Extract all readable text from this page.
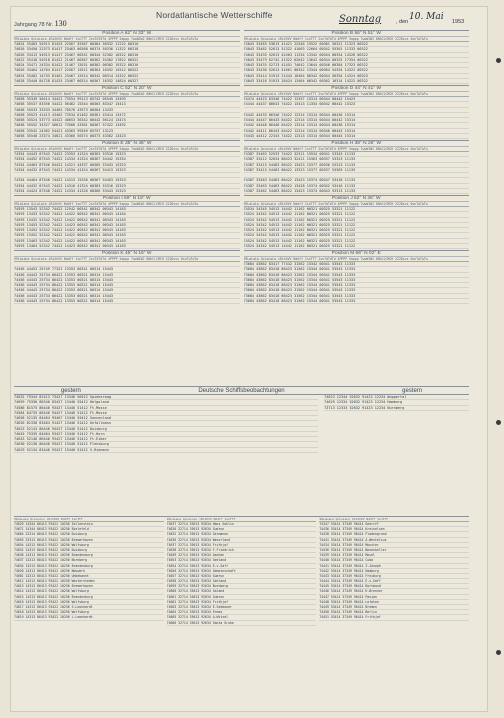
Jahrgang 78 Nr. 130
Nordatlantische Wetterschiffe	Sonntag	, den 10. Mai 1953
Position A 62° N 33° W
99LaLaLa QcLoLoLo iRiXhVV Nddff 1snTTT 2snTdTdTd 4PPPP 5appp 7wwW1W2 8NhCLCMCH 222Dsvs 0snTwTwTw
74024 33483 54913 01425 22567 55367 00364 56332 11222 00316
74026 33450 22373 81417 23463 00368 00374 50336 11322 00318
74026 33413 54913 81417 23467 00341 00344 52302 16522 00316
74022 33418 54918 81422 21467 00367 00362 54302 17822 00322
74024 33471 24334 81422 21467 15531 00362 00302 19322 00316
74026 33464 14764 81417 22567 15511 00364 16352 14512 00322
74024 33402 14733 81461 23467 15314 00342 00314 14322 00322
74028 33440 84728 81425 23467 00314 00367 16352 14824 00327
Position B 56° N 51° W
99LaLaLa QcLoLoLo iRiXhVV Nddff 1snTTT 2snTdTdTd 4PPPP 5appp 7wwW1W2 8NhCLCMCH 222Dsvs 0snTwTwTw
74043 33463 53613 41421 22546 15522 00361 56321 11323 00322
74043 33462 52613 51322 41663 12664 00342 55361 11333 00322
74043 33435 52613 42463 11334 13342 00344 00354 14326 00322
74043 33479 62742 41322 62642 13642 00344 00325 17354 00322
74043 33433 52713 41451 74642 13644 00346 00384 17323 00322
74043 33436 52613 41661 00342 13344 00364 54354 14322 00322
74043 33414 51913 21444 10464 00342 00344 56354 14324 00323
74043 33416 51913 26424 13464 00342 00362 16314 14322 00322
Position C 52° N 20° W
99LaLaLa QcLoLoLo iRiXhVV Nddff 1snTTT 2snTdTdTd 4PPPP 5appp 7wwW1W2 8NhCLCMCH 222Dsvs 0snTwTwTw
74058 35349 50414 34422 73554 99113 85742 05545 13493
74058 35537 83356 34422 56462 15344 00363 83347 15413
74058 35533 33333 34462 70576 43573 00364 13433
74058 35523 41413 43462 73534 61462 00361 43414 13472
74058 35524 53773 44422 40653 36342 00442 56124 13474
74058 35552 34327 56612 73566 43361 00367 57422 13492
74058 33542 24362 54421 43363 99349 05757 13123
74058 35548 23374 34621 43366 56374 00373 43362 13423
Position D 44° N 41° W
99LaLaLa QcLoLoLo iRiXhVV Nddff 1snTTT 2snTdTdTd 4PPPP 5appp 7wwW1W2 8NhCLCMCH 222Dsvs 0snTwTwTw
74474 44423 83346 74422 12357 15314 00344 00442 15423
74444 44437 86643 74422 13413 11354 00342 00442 15323
74442 44433 86346 74422 12314 15314 00344 00436 15314
74444 44447 86443 64422 12314 15314 00344 00442 15314
74442 44446 86446 64422 13314 15314 00344 00438 15314
74442 44411 86443 64422 12314 15314 00346 00443 15314
74443 44412 22343 74422 12313 15314 00344 00444 15314
Position E 35° N 48° W
99LaLaLa QcLoLoLo iRiXhVV Nddff 1snTTT 2snTdTdTd 4PPPP 5appp 7wwW1W2 8NhCLCMCH 222Dsvs 0snTwTwTw
74354 44443 87543 74422 23353 41324 00363 53316 15323
74354 44452 87543 74422 14334 41324 00367 54442 15354
74354 44463 87546 84422 14321 44337 00365 53443 15323
74354 44432 87543 74422 14334 41324 00367 54413 15323
74354 44464 87546 74422 14313 15336 00367 54453 15323
74354 44432 87543 74422 14316 41324 00363 53316 15323
74354 44424 87546 74422 14334 41326 00366 53443 15323
Position H 38° N 26° W
99LaLaLa QcLoLoLo iRiXhVV Nddff 1snTTT 2snTdTdTd 4PPPP 5appp 7wwW1W2 8NhCLCMCH 222Dsvs 0snTwTwTw
74387 33463 52533 74422 32311 15534 00341 53343 11133
74387 33412 52634 86423 32411 15363 00337 53323 11133
74387 33413 54463 86422 13423 15377 00336 53313 11133
74387 33413 54463 86422 13323 15377 00337 53363 11133
74387 33463 54463 86422 13423 15374 00347 53418 11133
74387 33463 54463 86422 13428 15374 00342 53416 11133
74387 33462 54463 86422 13423 15374 00343 53313 11133
Position I 59° N 19° W
99LaLaLa QcLoLoLo iRiXhVV Nddff 1snTTT 2snTdTdTd 4PPPP 5appp 7wwW1W2 8NhCLCMCH 222Dsvs 0snTwTwTw
74593 13543 52342 74422 12542 00341 00342 00343 14163
74593 13433 52342 74422 14422 00342 00341 00343 14164
74593 13432 52342 74422 14422 00342 00341 00343 14163
74593 13453 52342 74422 14423 00342 00341 00343 14163
74593 13452 52342 74422 14422 00342 00341 00343 14163
74593 13452 52342 74422 14422 00342 00341 00343 14163
74593 13463 52342 74422 14422 00342 00341 00343 14163
74593 13464 52342 74422 14423 00342 00341 00343 14163
Position J 52° N 36° W
99LaLaLa QcLoLoLo iRiXhVV Nddff 1snTTT 2snTdTdTd 4PPPP 5appp 7wwW1W2 8NhCLCMCH 222Dsvs 0snTwTwTw
74534 34345 54513 14442 11162 00321 00325 53321 11122
74524 34342 54513 14442 11162 00321 00325 53321 11122
74524 34342 54513 14442 11162 00321 00325 53321 11122
74524 34342 54513 14442 11162 00321 00325 53321 11122
74524 34342 54513 14442 11162 00321 00325 53321 11122
74524 34342 54513 14442 11162 00321 00325 53321 11122
74524 34342 54513 14442 11162 00321 00325 53321 11122
74524 34342 54513 14442 11162 00321 00325 53321 11122
Position K 45° N 16° W
99LaLaLa QcLoLoLo iRiXhVV Nddff 1snTTT 2snTdTdTd 4PPPP 5appp 7wwW1W2 8NhCLCMCH 222Dsvs 0snTwTwTw
74456 44453 25749 77322 13353 00341 00314 15443
74456 44443 25734 86422 13353 00321 00314 15443
74456 44443 25734 86422 13353 00321 00314 15443
74456 44443 25734 86422 13353 00321 00314 15443
74456 44443 25734 86422 13353 00321 00314 15443
74456 44443 25734 86422 13353 00321 00314 15443
74456 44443 25734 86422 13353 00321 00314 15443
Position M 66° N 02° E
99LaLaLa QcLoLoLo iRiXhVV Nddff 1snTTT 2snTdTdTd 4PPPP 5appp 7wwW1W2 8NhCLCMCH 222Dsvs 0snTwTwTw
73604 43862 83417 77442 31562 15342 00341 53543 11333
73604 43862 83418 86423 31562 15344 00341 53543 11333
73604 43862 83418 86423 31562 15344 00341 53543 11333
73604 43862 83418 86423 31562 15344 00341 53543 11333
73604 43862 83418 86423 31562 15344 00341 53543 11333
73604 43862 83418 86423 31562 15344 00341 53543 11333
73604 43862 83418 86423 31562 15344 00341 53543 11333
73604 43862 83418 86423 31562 15344 00341 53543 11333
gestern	Deutsche Schiffsbeobachtungen	gestern
74632 75344 82413 73427 13346 56412 Spiekeroog
74659 75336 86346 83427 13446 55412 Helgoland
74586 81575 86446 93427 13446 51412 Ft.Mosse
74584 84735 86446 94427 13446 51412 Ft.Mosse
74658 52135 84464 93467 13446 55412 Sonnenland
74626 81336 83464 91427 13446 51412 Unfallmann
74623 52143 86446 94427 13446 51412 Duisburg
74645 75335 84464 93427 13446 51412 Ft.Horn
74643 52146 86446 93427 13446 51412 Ft.Eiber
74630 52136 86446 93427 13446 51412 Flensburg
74629 52134 83446 93427 13446 51412 S.Riemann
74623 12344 52632 91423 12234 Wuppertal
74629 12334 52632 91423 12234 Hamburg
73713 12333 52632 91423 12234 Nurnberg
99LaLaLa QcLoLoLo iRiXhVV Nddff 1snTTT
74629 14344 86413 93422 10256 Zollenstein
74671 14344 86413 93422 10256 Bielefeld
74664 22314 86413 93422 10256 Duisburg
74655 33313 86413 93422 10256 Bremerhaven
74654 14312 86413 93422 10256 Wolfsburg
74632 14313 86413 93422 10256 Duisburg
74638 14313 86413 93422 10256 Brandenburg
74637 14313 86413 93422 10256 Nurnberg
74634 14313 86413 93422 10256 Brandenburg
74620 14313 86413 93422 10256 Neuwerk
74601 14313 86413 93422 10256 Unbekannt
74612 14313 86413 93422 10256 Westersteden
74613 14313 86413 93422 10256 Bremerhaven
74614 14313 86413 93422 10256 Wolfsburg
74615 14313 86413 93422 10256 Brandenburg
74616 14313 86413 93422 10256 Wolfsburg
74617 14313 86413 93422 10256 S.Leonhardt
74618 14313 86413 93422 10256 Wolfsburg
74619 14313 86413 93422 10256 L.Leonhardt
99LaLaLa QcLoLoLo iRiXhVV Nddff 1snTTT
74637 32714 35613 92634 Hans Sohlin
74626 32714 35613 92634 Gudrun
74632 32714 35613 92634 Germanen
74636 32714 35613 92634 Weserland
74637 32714 35613 92634 Frithjof
74638 32714 35613 92634 F.Friedrich
74649 32714 35613 92634 Aachen
74653 32714 35613 92634 Seeland
74654 32714 35613 92634 E.v.Saff
74656 32714 35613 92634 Gemeinschaft
74657 32714 35613 92634 Gudrun
74658 32714 35613 92634 Seeland
74659 32714 35613 92634 Nurnberg
74660 32714 35613 92634 Saland
74661 32714 35613 92634 Gudrun
74662 32714 35613 92634 Frithjof
74663 32714 35613 92634 E.Seebauer
74664 32714 35613 92634 Ermes
74665 32714 35613 92634 A.Witzel
74666 32714 35613 92634 Santa Gruhe
99LaLaLa QcLoLoLo iRiXhVV Nddff 1snTTT
74347 53414 37349 96414 Geeriff
74436 53414 37349 96414 Kreiselsen
74438 53414 37349 96414 Fladengrund
74441 53414 37349 96414 A.Westelius
74434 53414 37349 96414 Munster
74436 53414 37349 96414 Neuenkeller
74439 53414 37349 96414 Mosel
74440 53414 37349 96414 Cuba
74441 53414 37349 96414 Z.Joseph
74442 53414 37349 96414 Hamburg
74443 53414 37349 96414 Freiburg
74444 53414 37349 96414 E.v.Saff
74445 53414 37349 96414 Dortmund
74446 53414 37349 96414 H.Brenner
74447 53414 37349 96414 Pavian
74448 53414 37349 96414 Lofoten
74449 53414 37349 96414 Bremen
74450 53414 37349 96414 Berlin
74451 53414 37349 96414 Frithjof
